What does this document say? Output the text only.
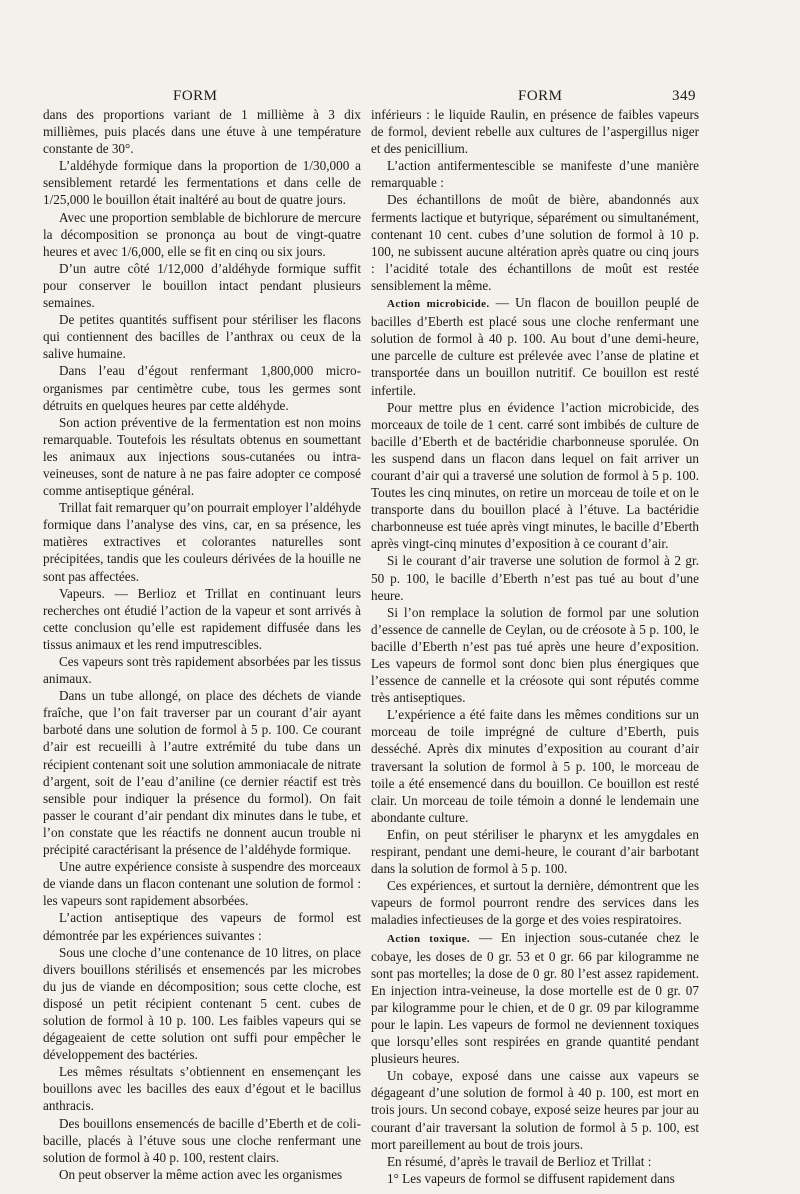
FORM	FORM	349

dans des proportions variant de 1 millième à 3 dix millièmes, puis placés dans une étuve à une température constante de 30°.

L’aldéhyde formique dans la proportion de 1/30,000 a sensiblement retardé les fermentations et dans celle de 1/25,000 le bouillon était inaltéré au bout de quatre jours.

Avec une proportion semblable de bichlorure de mercure la décomposition se prononça au bout de vingt-quatre heures et avec 1/6,000, elle se fit en cinq ou six jours.

D’un autre côté 1/12,000 d’aldéhyde formique suffit pour conserver le bouillon intact pendant plusieurs semaines.

De petites quantités suffisent pour stériliser les flacons qui contiennent des bacilles de l’anthrax ou ceux de la salive humaine.

Dans l’eau d’égout renfermant 1,800,000 micro-organismes par centimètre cube, tous les germes sont détruits en quelques heures par cette aldéhyde.

Son action préventive de la fermentation est non moins remarquable. Toutefois les résultats obtenus en soumettant les animaux aux injections sous-cutanées ou intra-veineuses, sont de nature à ne pas faire adopter ce composé comme antiseptique général.

Trillat fait remarquer qu’on pourrait employer l’aldéhyde formique dans l’analyse des vins, car, en sa présence, les matières extractives et colorantes naturelles sont précipitées, tandis que les couleurs dérivées de la houille ne sont pas affectées.

Vapeurs. — Berlioz et Trillat en continuant leurs recherches ont étudié l’action de la vapeur et sont arrivés à cette conclusion qu’elle est rapidement diffusée dans les tissus animaux et les rend imputrescibles.

Ces vapeurs sont très rapidement absorbées par les tissus animaux.

Dans un tube allongé, on place des déchets de viande fraîche, que l’on fait traverser par un courant d’air ayant barboté dans une solution de formol à 5 p. 100. Ce courant d’air est recueilli à l’autre extrémité du tube dans un récipient contenant soit une solution ammoniacale de nitrate d’argent, soit de l’eau d’aniline (ce dernier réactif est très sensible pour indiquer la présence du formol). On fait passer le courant d’air pendant dix minutes dans le tube, et l’on constate que les réactifs ne donnent aucun trouble ni précipité caractérisant la présence de l’aldéhyde formique.

Une autre expérience consiste à suspendre des morceaux de viande dans un flacon contenant une solution de formol : les vapeurs sont rapidement absorbées.

L’action antiseptique des vapeurs de formol est démontrée par les expériences suivantes :

Sous une cloche d’une contenance de 10 litres, on place divers bouillons stérilisés et ensemencés par les microbes du jus de viande en décomposition; sous cette cloche, est disposé un petit récipient contenant 5 cent. cubes de solution de formol à 10 p. 100. Les faibles vapeurs qui se dégageaient de cette solution ont suffi pour empêcher le développement des bactéries.

Les mêmes résultats s’obtiennent en ensemençant les bouillons avec les bacilles des eaux d’égout et le bacillus anthracis.

Des bouillons ensemencés de bacille d’Eberth et de coli-bacille, placés à l’étuve sous une cloche renfermant une solution de formol à 40 p. 100, restent clairs.

On peut observer la même action avec les organismes

inférieurs : le liquide Raulin, en présence de faibles vapeurs de formol, devient rebelle aux cultures de l’aspergillus niger et des penicillium.

L’action antifermentescible se manifeste d’une manière remarquable :

Des échantillons de moût de bière, abandonnés aux ferments lactique et butyrique, séparément ou simultanément, contenant 10 cent. cubes d’une solution de formol à 10 p. 100, ne subissent aucune altération après quatre ou cinq jours : l’acidité totale des échantillons de moût est restée sensiblement la même.

Action microbicide. — Un flacon de bouillon peuplé de bacilles d’Eberth est placé sous une cloche renfermant une solution de formol à 40 p. 100. Au bout d’une demi-heure, une parcelle de culture est prélevée avec l’anse de platine et transportée dans un bouillon nutritif. Ce bouillon est resté infertile.

Pour mettre plus en évidence l’action microbicide, des morceaux de toile de 1 cent. carré sont imbibés de culture de bacille d’Eberth et de bactéridie charbonneuse sporulée. On les suspend dans un flacon dans lequel on fait arriver un courant d’air qui a traversé une solution de formol à 5 p. 100. Toutes les cinq minutes, on retire un morceau de toile et on le transporte dans du bouillon placé à l’étuve. La bactéridie charbonneuse est tuée après vingt minutes, le bacille d’Eberth après vingt-cinq minutes d’exposition à ce courant d’air.

Si le courant d’air traverse une solution de formol à 2 gr. 50 p. 100, le bacille d’Eberth n’est pas tué au bout d’une heure.

Si l’on remplace la solution de formol par une solution d’essence de cannelle de Ceylan, ou de créosote à 5 p. 100, le bacille d’Eberth n’est pas tué après une heure d’exposition. Les vapeurs de formol sont donc bien plus énergiques que l’essence de cannelle et la créosote qui sont réputés comme très antiseptiques.

L’expérience a été faite dans les mêmes conditions sur un morceau de toile imprégné de culture d’Eberth, puis desséché. Après dix minutes d’exposition au courant d’air traversant la solution de formol à 5 p. 100, le morceau de toile a été ensemencé dans du bouillon. Ce bouillon est resté clair. Un morceau de toile témoin a donné le lendemain une abondante culture.

Enfin, on peut stériliser le pharynx et les amygdales en respirant, pendant une demi-heure, le courant d’air barbotant dans la solution de formol à 5 p. 100.

Ces expériences, et surtout la dernière, démontrent que les vapeurs de formol pourront rendre des services dans les maladies infectieuses de la gorge et des voies respiratoires.

Action toxique. — En injection sous-cutanée chez le cobaye, les doses de 0 gr. 53 et 0 gr. 66 par kilogramme ne sont pas mortelles; la dose de 0 gr. 80 l’est assez rapidement. En injection intra-veineuse, la dose mortelle est de 0 gr. 07 par kilogramme pour le chien, et de 0 gr. 09 par kilogramme pour le lapin. Les vapeurs de formol ne deviennent toxiques que lorsqu’elles sont respirées en grande quantité pendant plusieurs heures.

Un cobaye, exposé dans une caisse aux vapeurs se dégageant d’une solution de formol à 40 p. 100, est mort en trois jours. Un second cobaye, exposé seize heures par jour au courant d’air traversant la solution de formol à 5 p. 100, est mort pareillement au bout de trois jours.

En résumé, d’après le travail de Berlioz et Trillat :

1° Les vapeurs de formol se diffusent rapidement dans
